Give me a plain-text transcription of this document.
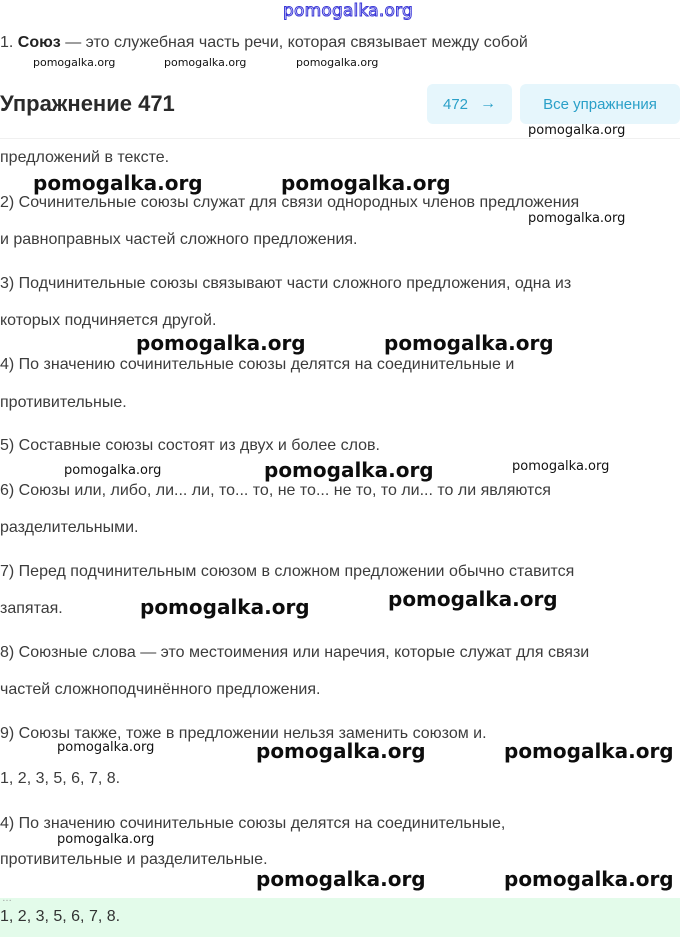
pomogalka.org
1. Союз — это служебная часть речи, которая связывает между собой
pomogalka.org	pomogalka.org	pomogalka.org
Упражнение 471	472 →	Все упражнения
pomogalka.org
предложений в тексте.
pomogalka.org	pomogalka.org
2) Сочинительные союзы служат для связи однородных членов предложения
pomogalka.org
и равноправных частей сложного предложения.
3) Подчинительные союзы связывают части сложного предложения, одна из
которых подчиняется другой.
pomogalka.org	pomogalka.org
4) По значению сочинительные союзы делятся на соединительные и
противительные.
5) Составные союзы состоят из двух и более слов.
pomogalka.org	pomogalka.org	pomogalka.org
6) Союзы или, либо, ли... ли, то... то, не то... не то, то ли... то ли являются
разделительными.
7) Перед подчинительным союзом в сложном предложении обычно ставится
запятая.	pomogalka.org	pomogalka.org
8) Союзные слова — это местоимения или наречия, которые служат для связи
частей сложноподчинённого предложения.
9) Союзы также, тоже в предложении нельзя заменить союзом и.
pomogalka.org	pomogalka.org	pomogalka.org
1, 2, 3, 5, 6, 7, 8.
4) По значению сочинительные союзы делятся на соединительные,
pomogalka.org
противительные и разделительные.
pomogalka.org	pomogalka.org
…
1, 2, 3, 5, 6, 7, 8.
